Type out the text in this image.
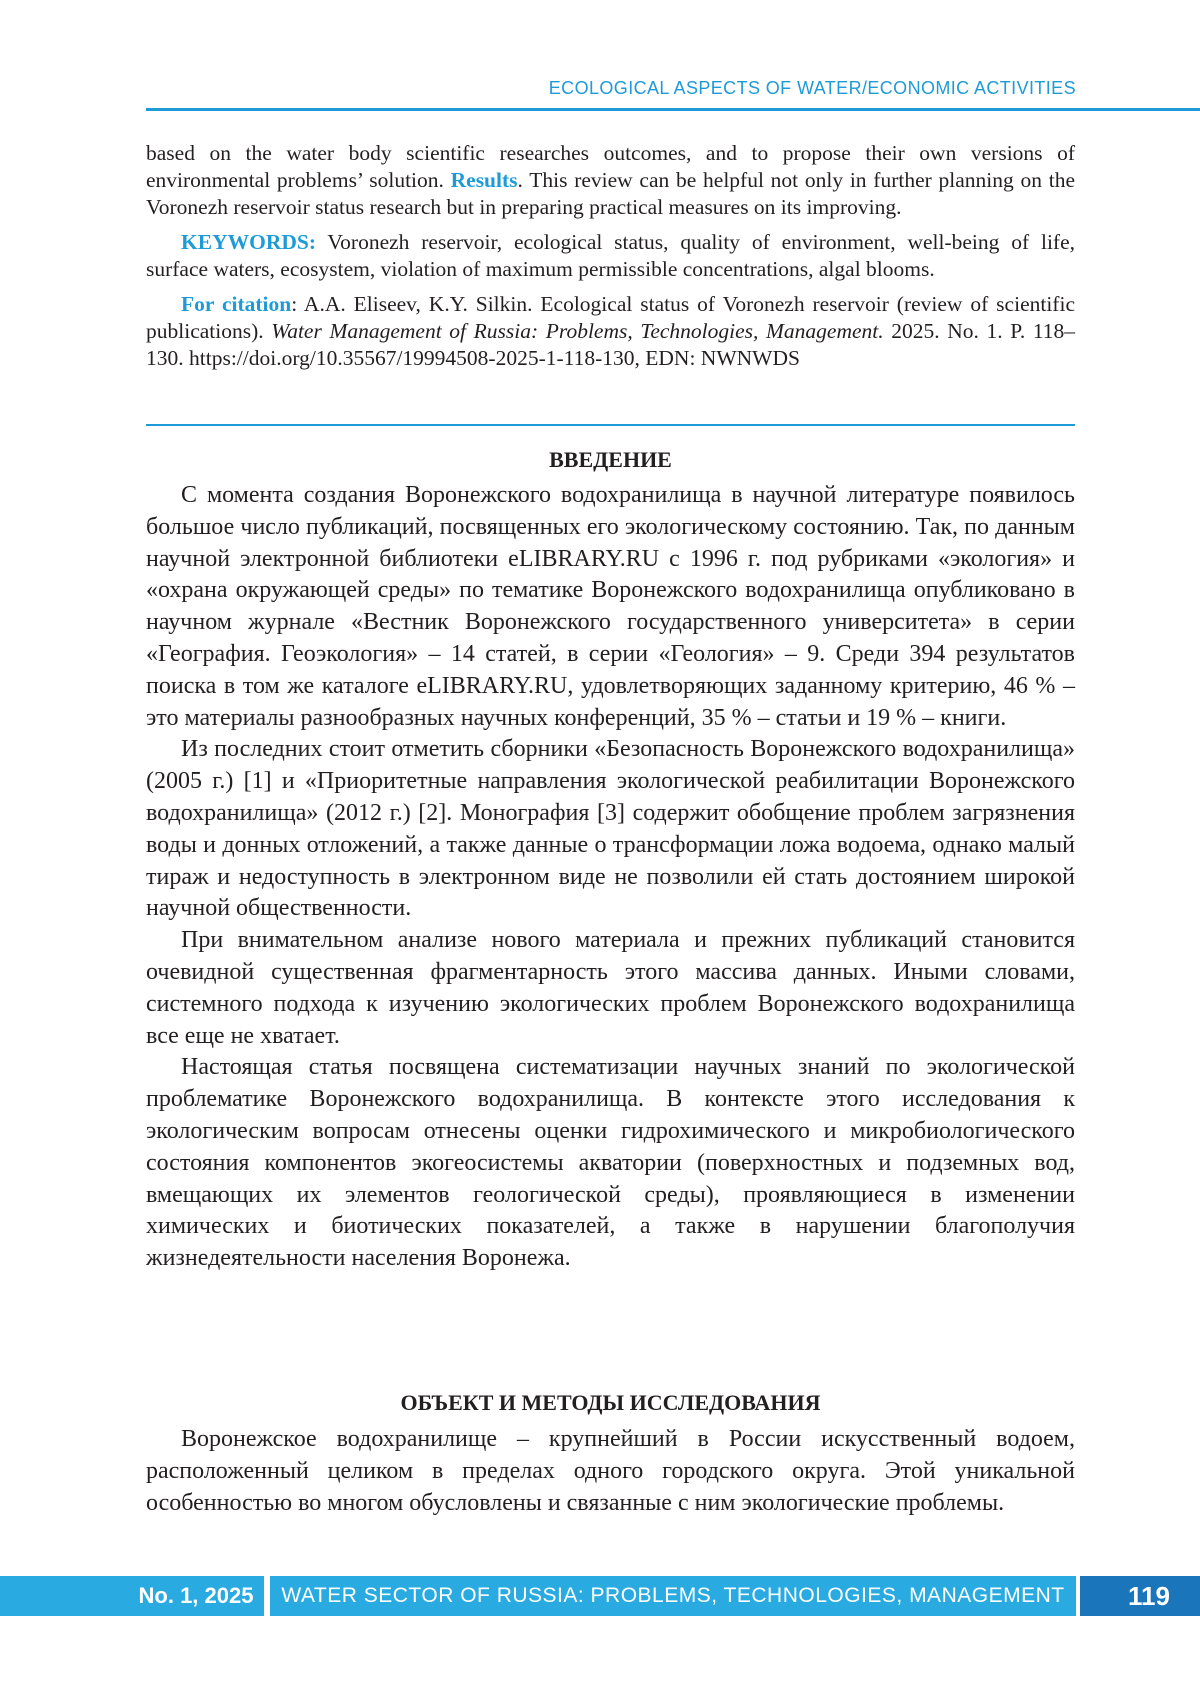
ECOLOGICAL ASPECTS OF WATER/ECONOMIC ACTIVITIES

based on the water body scientific researches outcomes, and to propose their own versions of environmental problems’ solution. Results. This review can be helpful not only in further planning on the Voronezh reservoir status research but in preparing practical measures on its improving.

KEYWORDS: Voronezh reservoir, ecological status, quality of environment, well-being of life, surface waters, ecosystem, violation of maximum permissible concentrations, algal blooms.

For citation: A.A. Eliseev, K.Y. Silkin. Ecological status of Voronezh reservoir (review of scientific publications). Water Management of Russia: Problems, Technologies, Management. 2025. No. 1. P. 118–130. https://doi.org/10.35567/19994508-2025-1-118-130, EDN: NWNWDS

ВВЕДЕНИЕ

С момента создания Воронежского водохранилища в научной литературе появилось большое число публикаций, посвященных его экологическому состоянию. Так, по данным научной электронной библиотеки eLIBRARY.RU с 1996 г. под рубриками «экология» и «охрана окружающей среды» по тематике Воронежского водохранилища опубликовано в научном журнале «Вестник Воронежского государственного университета» в серии «География. Геоэкология» – 14 статей, в серии «Геология» – 9. Среди 394 результатов поиска в том же каталоге eLIBRARY.RU, удовлетворяющих заданному критерию, 46 % – это материалы разнообразных научных конференций, 35 % – статьи и 19 % – книги.

Из последних стоит отметить сборники «Безопасность Воронежского водохранилища» (2005 г.) [1] и «Приоритетные направления экологической реабилитации Воронежского водохранилища» (2012 г.) [2]. Монография [3] содержит обобщение проблем загрязнения воды и донных отложений, а также данные о трансформации ложа водоема, однако малый тираж и недоступность в электронном виде не позволили ей стать достоянием широкой научной общественности.

При внимательном анализе нового материала и прежних публикаций становится очевидной существенная фрагментарность этого массива данных. Иными словами, системного подхода к изучению экологических проблем Воронежского водохранилища все еще не хватает.

Настоящая статья посвящена систематизации научных знаний по экологической проблематике Воронежского водохранилища. В контексте этого исследования к экологическим вопросам отнесены оценки гидрохимического и микробиологического состояния компонентов экогеосистемы акватории (поверхностных и подземных вод, вмещающих их элементов геологической среды), проявляющиеся в изменении химических и биотических показателей, а также в нарушении благополучия жизнедеятельности населения Воронежа.

ОБЪЕКТ И МЕТОДЫ ИССЛЕДОВАНИЯ

Воронежское водохранилище – крупнейший в России искусственный водоем, расположенный целиком в пределах одного городского округа. Этой уникальной особенностью во многом обусловлены и связанные с ним экологические проблемы.

No. 1, 2025	WATER SECTOR OF RUSSIA: PROBLEMS, TECHNOLOGIES, MANAGEMENT	119
